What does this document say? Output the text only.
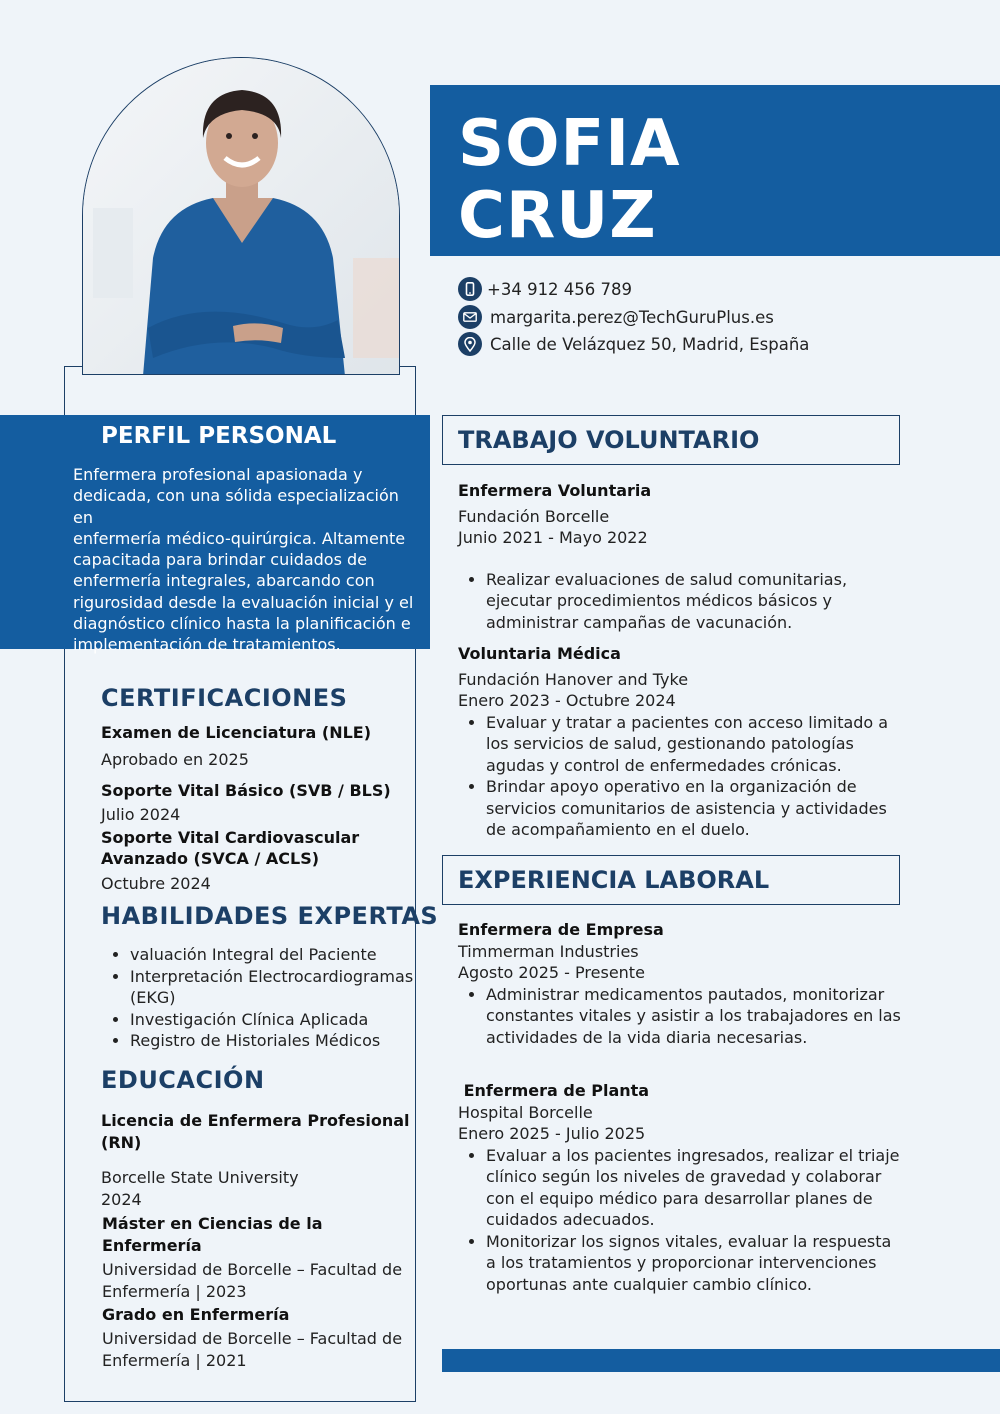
SOFIA
CRUZ
+34 912 456 789
margarita.perez@TechGuruPlus.es
Calle de Velázquez 50, Madrid, España
PERFIL PERSONAL
Enfermera profesional apasionada y
dedicada, con una sólida especialización en
enfermería médico-quirúrgica. Altamente
capacitada para brindar cuidados de
enfermería integrales, abarcando con
rigurosidad desde la evaluación inicial y el
diagnóstico clínico hasta la planificación e
implementación de tratamientos.
CERTIFICACIONES
Examen de Licenciatura (NLE)
Aprobado en 2025
Soporte Vital Básico (SVB / BLS)
Julio 2024
Soporte Vital Cardiovascular
Avanzado (SVCA / ACLS)
Octubre 2024
HABILIDADES EXPERTAS
• valuación Integral del Paciente
• Interpretación Electrocardiogramas (EKG)
• Investigación Clínica Aplicada
• Registro de Historiales Médicos
EDUCACIÓN
Licencia de Enfermera Profesional
(RN)
Borcelle State University
2024
Máster en Ciencias de la Enfermería
Universidad de Borcelle – Facultad de
Enfermería | 2023
Grado en Enfermería
Universidad de Borcelle – Facultad de
Enfermería | 2021
TRABAJO VOLUNTARIO
Enfermera Voluntaria
Fundación Borcelle
Junio 2021 - Mayo 2022
• Realizar evaluaciones de salud comunitarias, ejecutar procedimientos médicos básicos y administrar campañas de vacunación.
Voluntaria Médica
Fundación Hanover and Tyke
Enero 2023 - Octubre 2024
• Evaluar y tratar a pacientes con acceso limitado a los servicios de salud, gestionando patologías agudas y control de enfermedades crónicas.
• Brindar apoyo operativo en la organización de servicios comunitarios de asistencia y actividades de acompañamiento en el duelo.
EXPERIENCIA LABORAL
Enfermera de Empresa
Timmerman Industries
Agosto 2025 - Presente
• Administrar medicamentos pautados, monitorizar constantes vitales y asistir a los trabajadores en las actividades de la vida diaria necesarias.
Enfermera de Planta
Hospital Borcelle
Enero 2025 - Julio 2025
• Evaluar a los pacientes ingresados, realizar el triaje clínico según los niveles de gravedad y colaborar con el equipo médico para desarrollar planes de cuidados adecuados.
• Monitorizar los signos vitales, evaluar la respuesta a los tratamientos y proporcionar intervenciones oportunas ante cualquier cambio clínico.
